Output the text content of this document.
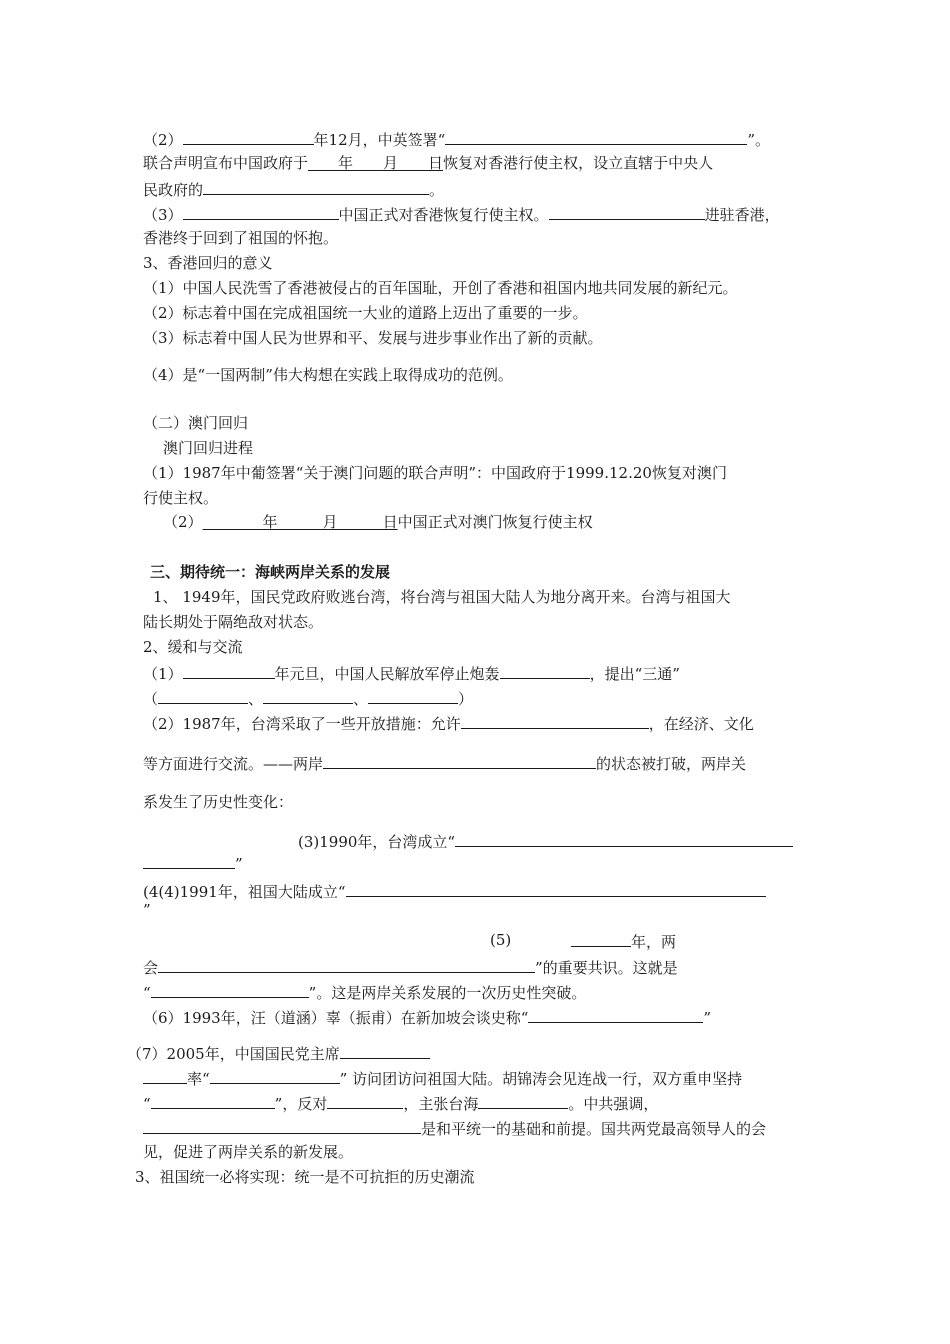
（2）	年12月，中英签署“	”。
联合声明宣布中国政府于   年   月   日恢复对香港行使主权，设立直辖于中央人
民政府的	。
（3）	中国正式对香港恢复行使主权。	进驻香港，
香港终于回到了祖国的怀抱。
3、香港回归的意义
（1）中国人民洗雪了香港被侵占的百年国耻，开创了香港和祖国内地共同发展的新纪元。
（2）标志着中国在完成祖国统一大业的道路上迈出了重要的一步。
（3）标志着中国人民为世界和平、发展与进步事业作出了新的贡献。
（4）是“一国两制”伟大构想在实践上取得成功的范例。
（二）澳门回归
澳门回归进程
（1）1987年中葡签署“关于澳门问题的联合声明”：中国政府于1999.12.20恢复对澳门
行使主权。
（2）    	年   	月   	日中国正式对澳门恢复行使主权
三、期待统一：海峡两岸关系的发展
1、 1949年，国民党政府败逃台湾，将台湾与祖国大陆人为地分离开来。台湾与祖国大
陆长期处于隔绝敌对状态。
2、缓和与交流
（1）	年元旦，中国人民解放军停止炮轰	，提出“三通”
（	、	、	）
（2）1987年，台湾采取了一些开放措施：允许	，在经济、文化
等方面进行交流。——两岸	的状态被打破，两岸关
系发生了历史性变化：
(3)1990年，台湾成立“
”
(4(4)1991年，祖国大陆成立“
”
(5)	年，两
会	”的重要共识。这就是
“	”。这是两岸关系发展的一次历史性突破。
（6）1993年，汪（道涵）辜（振甫）在新加坡会谈史称“	”
（7）2005年，中国国民党主席
率“	” 访问团访问祖国大陆。胡锦涛会见连战一行，双方重申坚持
“	”，反对	，主张台海	。中共强调，
是和平统一的基础和前提。国共两党最高领导人的会
见，促进了两岸关系的新发展。
3、祖国统一必将实现：统一是不可抗拒的历史潮流
